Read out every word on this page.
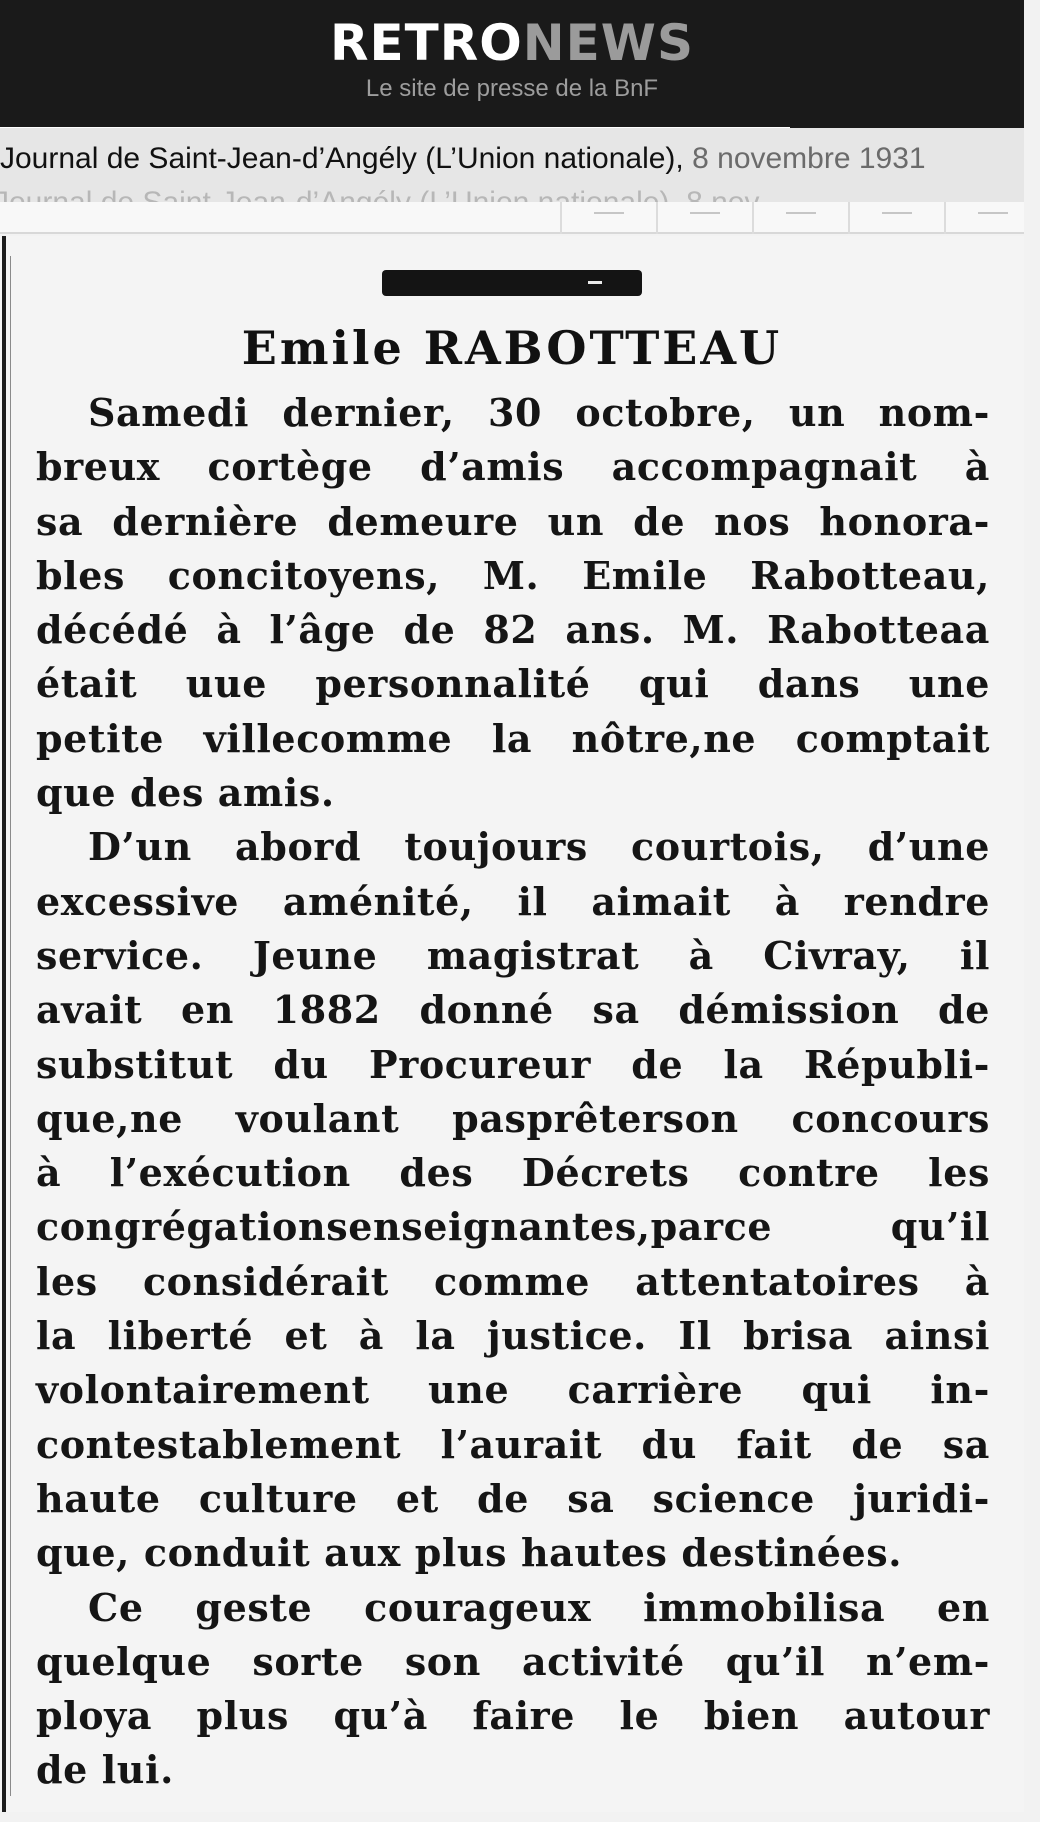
RETRONEWS
Le site de presse de la BnF
Journal de Saint-Jean-d’Angély (L’Union nationale), 8 novembre 1931
Emile RABOTTEAU
Samedi dernier, 30 octobre, un nom-
breux cortège d’amis accompagnait à
sa dernière demeure un de nos honora-
bles concitoyens, M. Emile Rabotteau,
décédé à l’âge de 82 ans. M. Rabotteaa
était uue personnalité qui dans une
petite villecomme la nôtre,ne comptait
que des amis.
D’un abord toujours courtois, d’une
excessive aménité, il aimait à rendre
service. Jeune magistrat à Civray, il
avait en 1882 donné sa démission de
substitut du Procureur de la Républi-
que,ne voulant pasprêterson concours
à l’exécution des Décrets contre les
congrégationsenseignantes,parce qu’il
les considérait comme attentatoires à
la liberté et à la justice. Il brisa ainsi
volontairement une carrière qui in-
contestablement l’aurait du fait de sa
haute culture et de sa science juridi-
que, conduit aux plus hautes destinées.
Ce geste courageux immobilisa en
quelque sorte son activité qu’il n’em-
ploya plus qu’à faire le bien autour
de lui.
